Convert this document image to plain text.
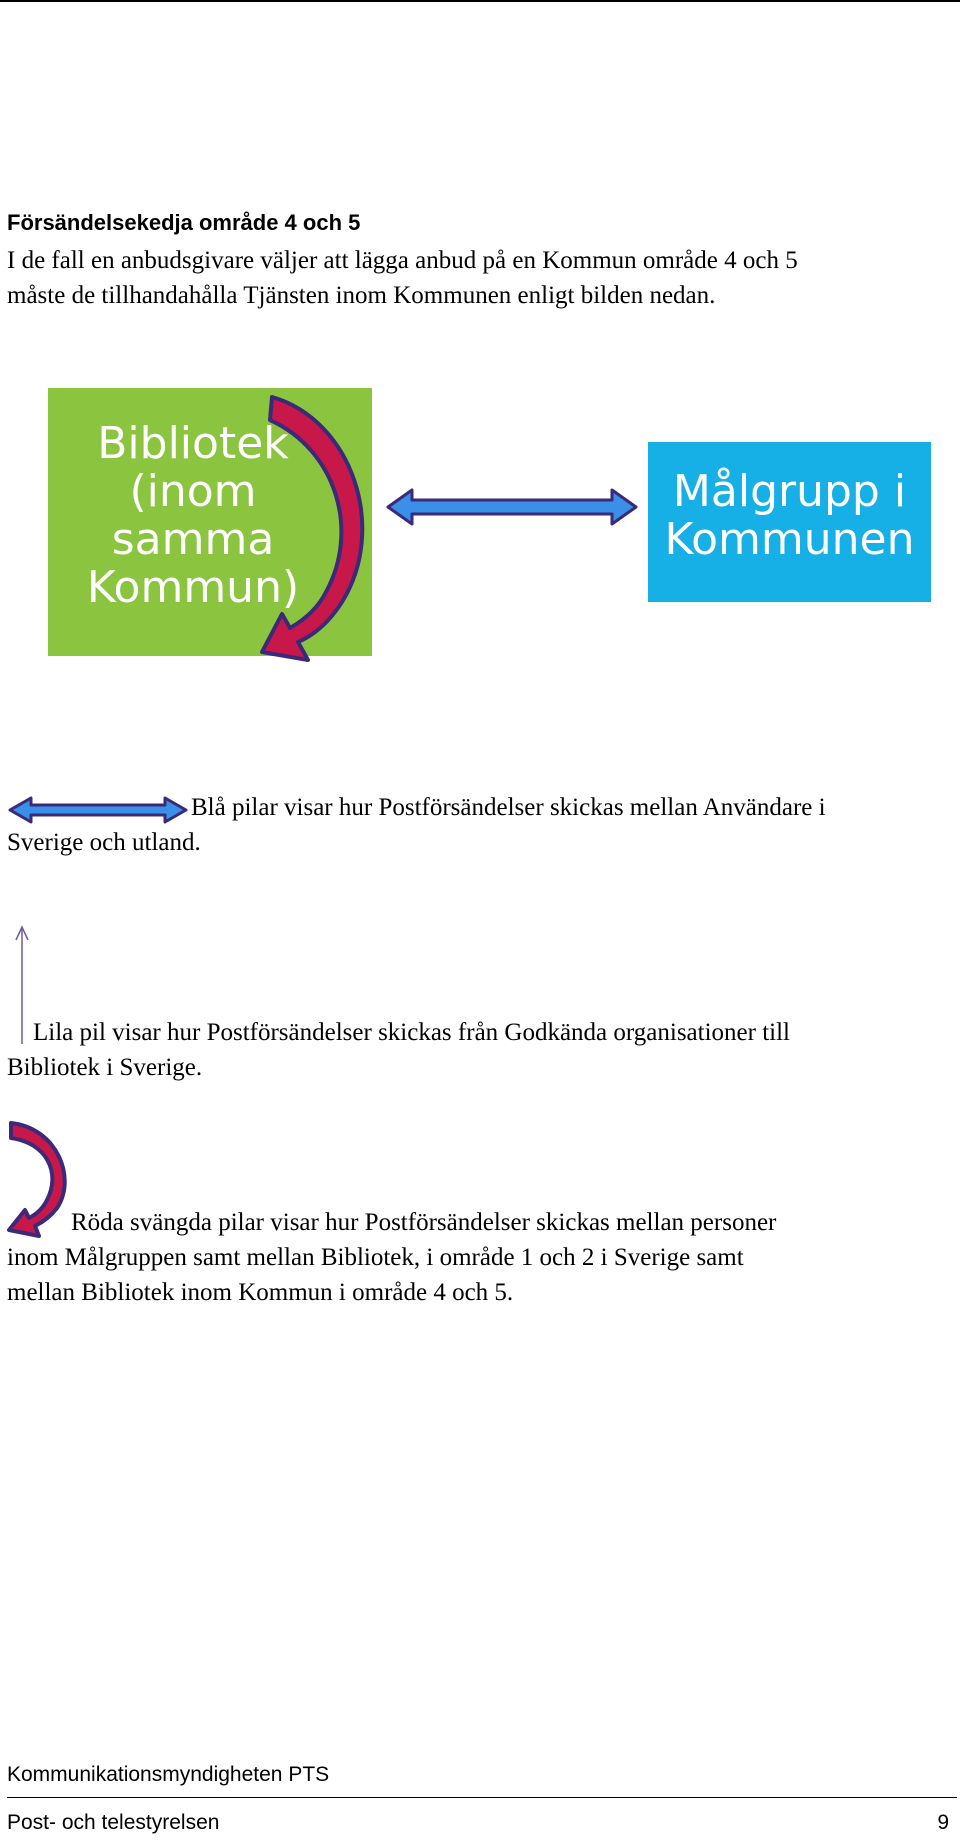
Försändelsekedja område 4 och 5
I de fall en anbudsgivare väljer att lägga anbud på en Kommun område 4 och 5
måste de tillhandahålla Tjänsten inom Kommunen enligt bilden nedan.
Bibliotek
(inom
samma
Kommun)
Målgrupp i
Kommunen

Blå pilar visar hur Postförsändelser skickas mellan Användare i

Sverige och utland.

Lila pil visar hur Postförsändelser skickas från Godkända organisationer till

Bibliotek i Sverige.

Röda svängda pilar visar hur Postförsändelser skickas mellan personer

inom Målgruppen samt mellan Bibliotek, i område 1 och 2 i Sverige samt

mellan Bibliotek inom Kommun i område 4 och 5.

Kommunikationsmyndigheten PTS
Post- och telestyrelsen	9
